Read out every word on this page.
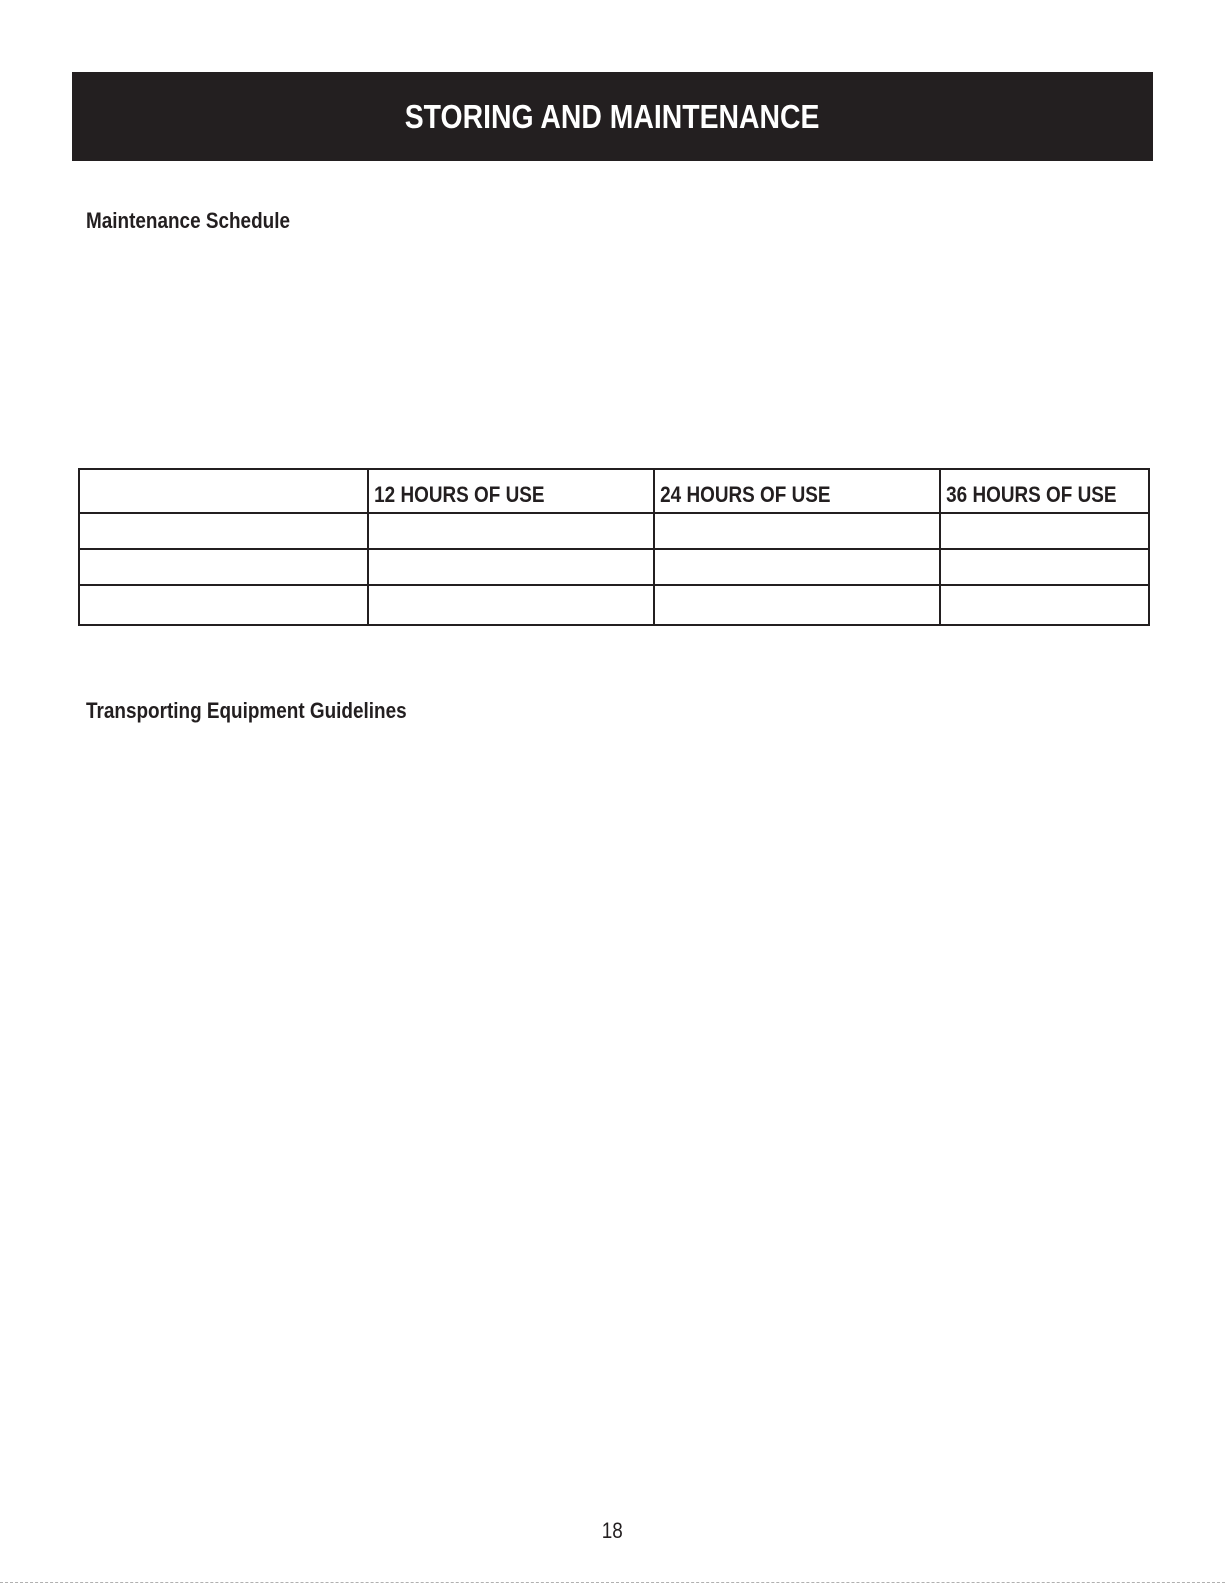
STORING AND MAINTENANCE
Maintenance Schedule
	12 HOURS OF USE	24 HOURS OF USE	36 HOURS OF USE

Transporting Equipment Guidelines
18
